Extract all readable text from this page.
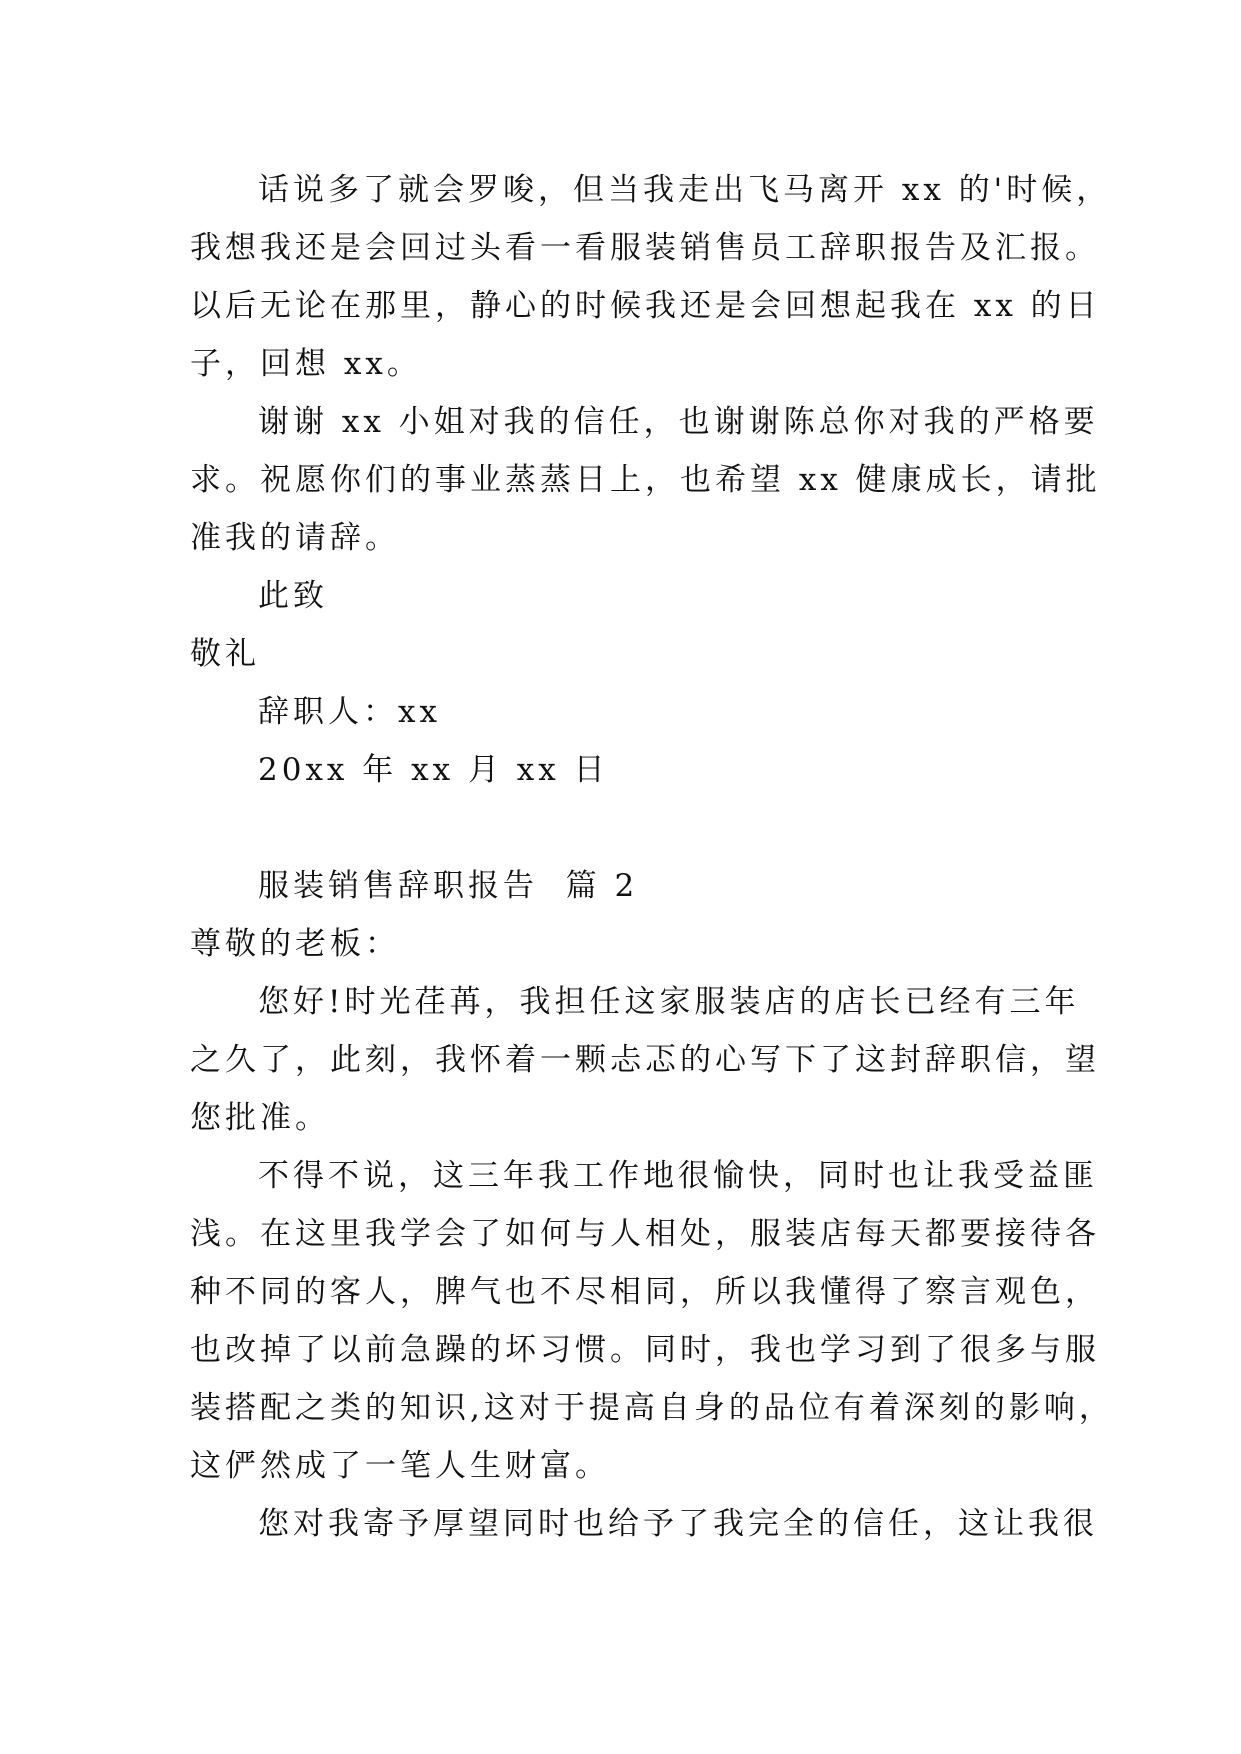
话说多了就会罗唆，但当我走出飞马离开 xx 的'时候，
我想我还是会回过头看一看服装销售员工辞职报告及汇报。
以后无论在那里，静心的时候我还是会回想起我在 xx 的日
子，回想 xx。
谢谢 xx 小姐对我的信任，也谢谢陈总你对我的严格要
求。祝愿你们的事业蒸蒸日上，也希望 xx 健康成长，请批
准我的请辞。
此致
敬礼
辞职人：xx
20xx 年 xx 月 xx 日
服装销售辞职报告  篇 2
尊敬的老板：
您好!时光荏苒，我担任这家服装店的店长已经有三年
之久了，此刻，我怀着一颗忐忑的心写下了这封辞职信，望
您批准。
不得不说，这三年我工作地很愉快，同时也让我受益匪
浅。在这里我学会了如何与人相处，服装店每天都要接待各
种不同的客人，脾气也不尽相同，所以我懂得了察言观色，
也改掉了以前急躁的坏习惯。同时，我也学习到了很多与服
装搭配之类的知识,这对于提高自身的品位有着深刻的影响，
这俨然成了一笔人生财富。
您对我寄予厚望同时也给予了我完全的信任，这让我很
